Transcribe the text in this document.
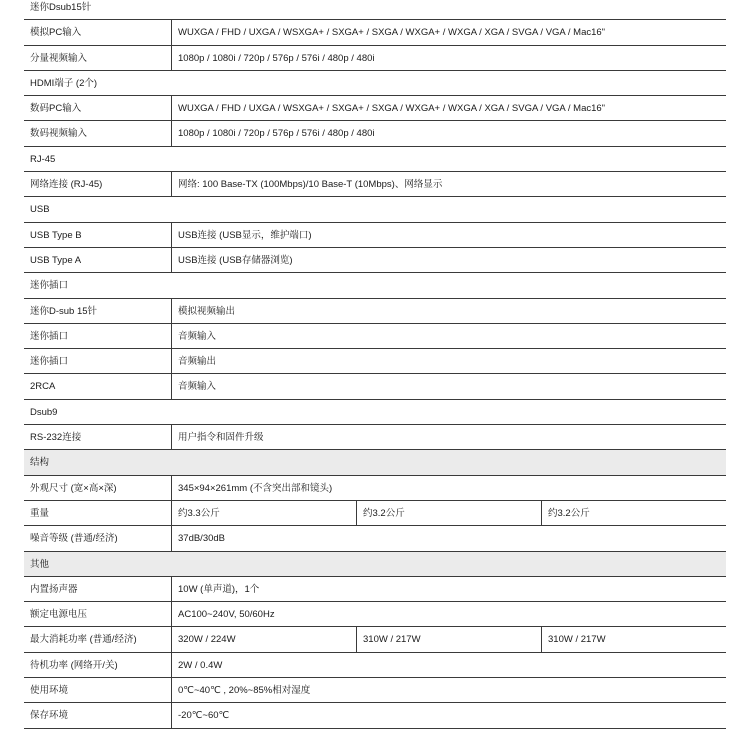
迷你Dsub15针
模拟PC输入	WUXGA / FHD / UXGA / WSXGA+ / SXGA+ / SXGA / WXGA+ / WXGA / XGA / SVGA / VGA / Mac16"
分量视频输入	1080p / 1080i / 720p / 576p / 576i / 480p / 480i
HDMI端子 (2个)
数码PC输入	WUXGA / FHD / UXGA / WSXGA+ / SXGA+ / SXGA / WXGA+ / WXGA / XGA / SVGA / VGA / Mac16"
数码视频输入	1080p / 1080i / 720p / 576p / 576i / 480p / 480i
RJ-45
网络连接 (RJ-45)	网络: 100 Base-TX (100Mbps)/10 Base-T (10Mbps)、网络显示
USB
USB Type B	USB连接 (USB显示，维护端口)
USB Type A	USB连接 (USB存储器浏览)
迷你插口
迷你D-sub 15针	模拟视频输出
迷你插口	音频输入
迷你插口	音频输出
2RCA	音频输入
Dsub9
RS-232连接	用户指令和固件升级
结构
外观尺寸 (宽×高×深)	345×94×261mm (不含突出部和镜头)
重量	约3.3公斤	约3.2公斤	约3.2公斤
噪音等级 (普通/经济)	37dB/30dB
其他
内置扬声器	10W (单声道)，1个
额定电源电压	AC100~240V, 50/60Hz
最大消耗功率 (普通/经济)	320W / 224W	310W / 217W	310W / 217W
待机功率 (网络开/关)	2W / 0.4W
使用环境	0℃~40℃ , 20%~85%相对湿度
保存环境	-20℃~60℃
